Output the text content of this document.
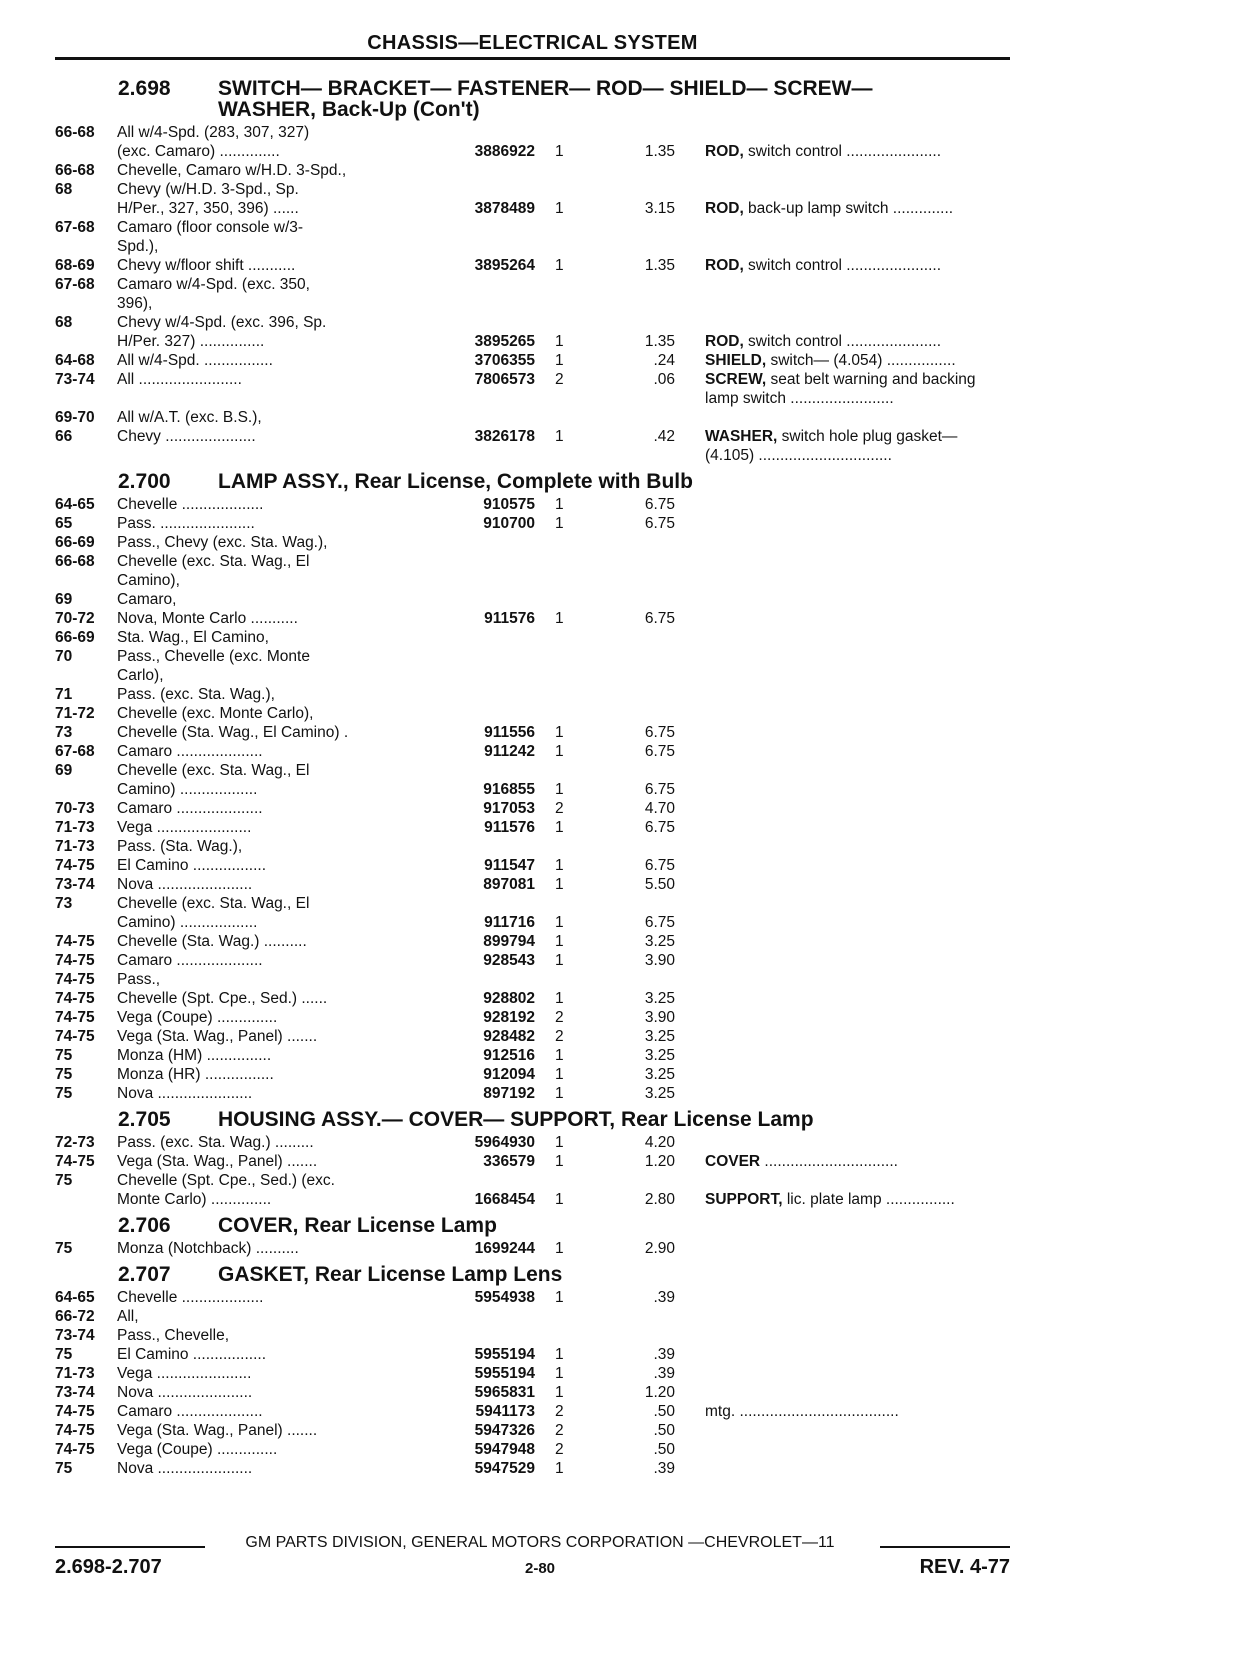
CHASSIS—ELECTRICAL SYSTEM
2.698	SWITCH— BRACKET— FASTENER— ROD— SHIELD— SCREW— WASHER, Back-Up (Con't)
66-68	All w/4-Spd. (283, 307, 327)
(exc. Camaro) ..............	3886922 1	1.35 ROD, switch control ......................
66-68	Chevelle, Camaro w/H.D. 3-Spd.,
68	Chevy (w/H.D. 3-Spd., Sp.
H/Per., 327, 350, 396) ......	3878489 1	3.15 ROD, back-up lamp switch ..............
67-68	Camaro (floor console w/3-
Spd.),
68-69	Chevy w/floor shift ...........	3895264 1	1.35 ROD, switch control ......................
67-68	Camaro w/4-Spd. (exc. 350,
396),
68	Chevy w/4-Spd. (exc. 396, Sp.
H/Per. 327) ...............	3895265 1	1.35 ROD, switch control ......................
64-68	All w/4-Spd. ................	3706355 1	.24 SHIELD, switch— (4.054) ................
73-74	All ........................	7806573 2	.06 SCREW, seat belt warning and backing
lamp switch ........................
69-70	All w/A.T. (exc. B.S.),
66	Chevy .....................	3826178 1	.42 WASHER, switch hole plug gasket—
(4.105) ...............................
2.700	LAMP ASSY., Rear License, Complete with Bulb
64-65	Chevelle ...................	910575 1	6.75
65	Pass. ......................	910700 1	6.75
66-69	Pass., Chevy (exc. Sta. Wag.),
66-68	Chevelle (exc. Sta. Wag., El
Camino),
69	Camaro,
70-72	Nova, Monte Carlo ...........	911576 1	6.75
66-69	Sta. Wag., El Camino,
70	Pass., Chevelle (exc. Monte
Carlo),
71	Pass. (exc. Sta. Wag.),
71-72	Chevelle (exc. Monte Carlo),
73	Chevelle (Sta. Wag., El Camino) .	911556 1	6.75
67-68	Camaro ....................	911242 1	6.75
69	Chevelle (exc. Sta. Wag., El
Camino) ..................	916855 1	6.75
70-73	Camaro ....................	917053 2	4.70
71-73	Vega ......................	911576 1	6.75
71-73	Pass. (Sta. Wag.),
74-75	El Camino .................	911547 1	6.75
73-74	Nova ......................	897081 1	5.50
73	Chevelle (exc. Sta. Wag., El
Camino) ..................	911716 1	6.75
74-75	Chevelle (Sta. Wag.) ..........	899794 1	3.25
74-75	Camaro ....................	928543 1	3.90
74-75	Pass.,
74-75	Chevelle (Spt. Cpe., Sed.) ......	928802 1	3.25
74-75	Vega (Coupe) ..............	928192 2	3.90
74-75	Vega (Sta. Wag., Panel) .......	928482 2	3.25
75	Monza (HM) ...............	912516 1	3.25
75	Monza (HR) ................	912094 1	3.25
75	Nova ......................	897192 1	3.25
2.705	HOUSING ASSY.— COVER— SUPPORT, Rear License Lamp
72-73	Pass. (exc. Sta. Wag.) .........	5964930 1	4.20
74-75	Vega (Sta. Wag., Panel) .......	336579 1	1.20 COVER ...............................
75	Chevelle (Spt. Cpe., Sed.) (exc.
Monte Carlo) ..............	1668454 1	2.80 SUPPORT, lic. plate lamp ................
2.706	COVER, Rear License Lamp
75	Monza (Notchback) ..........	1699244 1	2.90
2.707	GASKET, Rear License Lamp Lens
64-65	Chevelle ...................	5954938 1	.39
66-72	All,
73-74	Pass., Chevelle,
75	El Camino .................	5955194 1	.39
71-73	Vega ......................	5955194 1	.39
73-74	Nova ......................	5965831 1	1.20
74-75	Camaro ....................	5941173 2	.50 mtg. .....................................
74-75	Vega (Sta. Wag., Panel) .......	5947326 2	.50
74-75	Vega (Coupe) ..............	5947948 2	.50
75	Nova ......................	5947529 1	.39
GM PARTS DIVISION, GENERAL MOTORS CORPORATION —CHEVROLET—11
2.698-2.707	2-80	REV. 4-77
